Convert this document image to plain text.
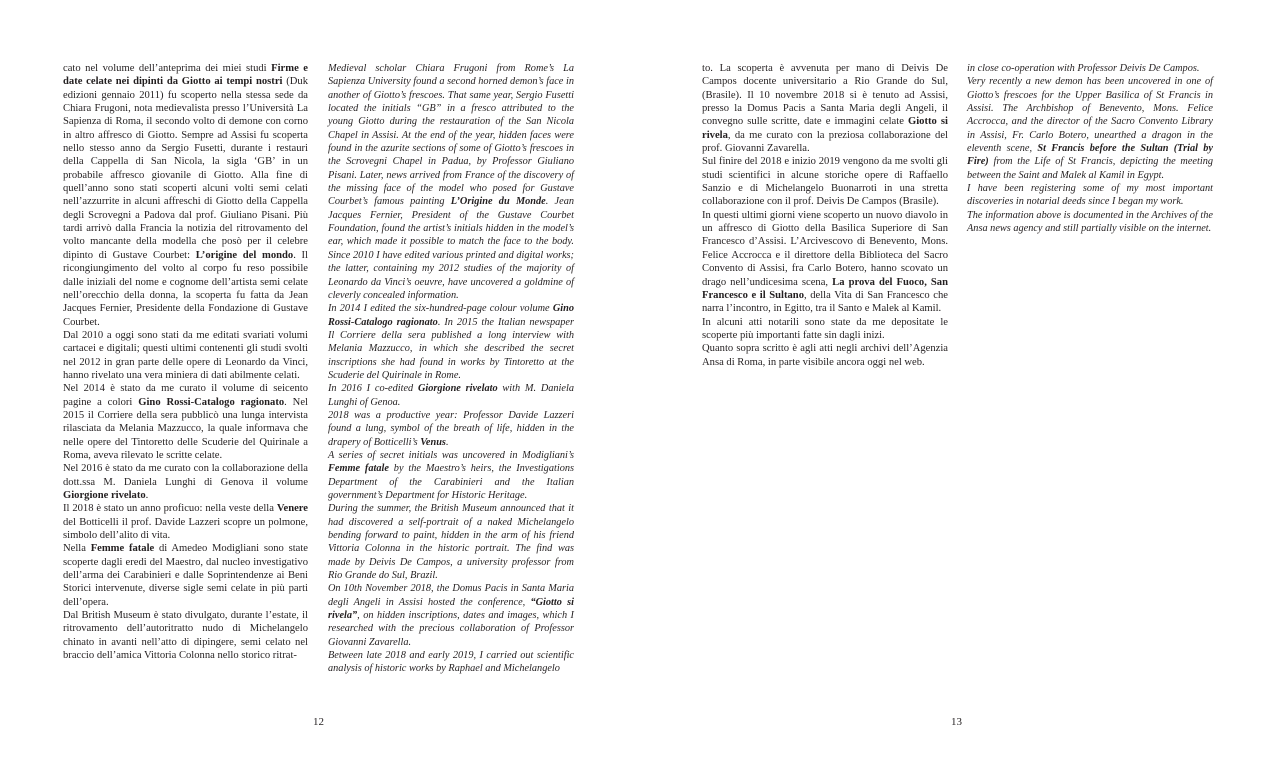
cato nel volume dell’anteprima dei miei studi Firme e date celate nei dipinti da Giotto ai tempi nostri (Duk edizioni gennaio 2011) fu scoperto nella stessa sede da Chiara Frugoni, nota medievalista presso l’Università La Sapienza di Roma, il secondo volto di demone con corno in altro affresco di Giotto. Sempre ad Assisi fu scoperta nello stesso anno da Sergio Fusetti, durante i restauri della Cappella di San Nicola, la sigla ‘GB’ in un probabile affresco giovanile di Giotto. Alla fine di quell’anno sono stati scoperti alcuni volti semi celati nell’azzurrite in alcuni affreschi di Giotto della Cappella degli Scrovegni a Padova dal prof. Giuliano Pisani. Più tardi arrivò dalla Francia la notizia del ritrovamento del volto mancante della modella che posò per il celebre dipinto di Gustave Courbet: L’origine del mondo. Il ricongiungimento del volto al corpo fu reso possibile dalle iniziali del nome e cognome dell’artista semi celate nell’orecchio della donna, la scoperta fu fatta da Jean Jacques Fernier, Presidente della Fondazione di Gustave Courbet.

Dal 2010 a oggi sono stati da me editati svariati volumi cartacei e digitali; questi ultimi contenenti gli studi svolti nel 2012 in gran parte delle opere di Leonardo da Vinci, hanno rivelato una vera miniera di dati abilmente celati.

Nel 2014 è stato da me curato il volume di seicento pagine a colori Gino Rossi-Catalogo ragionato. Nel 2015 il Corriere della sera pubblicò una lunga intervista rilasciata da Melania Mazzucco, la quale informava che nelle opere del Tintoretto delle Scuderie del Quirinale a Roma, aveva rilevato le scritte celate.

Nel 2016 è stato da me curato con la collaborazione della dott.ssa M. Daniela Lunghi di Genova il volume Giorgione rivelato.

Il 2018 è stato un anno proficuo: nella veste della Venere del Botticelli il prof. Davide Lazzeri scopre un polmone, simbolo dell’alito di vita.

Nella Femme fatale di Amedeo Modigliani sono state scoperte dagli eredi del Maestro, dal nucleo investigativo dell’arma dei Carabinieri e dalle Soprintendenze ai Beni Storici intervenute, diverse sigle semi celate in più parti dell’opera.

Dal British Museum è stato divulgato, durante l’estate, il ritrovamento dell’autoritratto nudo di Michelangelo chinato in avanti nell’atto di dipingere, semi celato nel braccio dell’amica Vittoria Colonna nello storico ritrat-

Medieval scholar Chiara Frugoni from Rome’s La Sapienza University found a second horned demon’s face in another of Giotto’s frescoes. That same year, Sergio Fusetti located the initials “GB” in a fresco attributed to the young Giotto during the restauration of the San Nicola Chapel in Assisi. At the end of the year, hidden faces were found in the azurite sections of some of Giotto’s frescoes in the Scrovegni Chapel in Padua, by Professor Giuliano Pisani. Later, news arrived from France of the discovery of the missing face of the model who posed for Gustave Courbet’s famous painting L’Origine du Monde. Jean Jacques Fernier, President of the Gustave Courbet Foundation, found the artist’s initials hidden in the model’s ear, which made it possible to match the face to the body. Since 2010 I have edited various printed and digital works; the latter, containing my 2012 studies of the majority of Leonardo da Vinci’s oeuvre, have uncovered a goldmine of cleverly concealed information.

In 2014 I edited the six-hundred-page colour volume Gino Rossi-Catalogo ragionato. In 2015 the Italian newspaper Il Corriere della sera published a long interview with Melania Mazzucco, in which she described the secret inscriptions she had found in works by Tintoretto at the Scuderie del Quirinale in Rome.

In 2016 I co-edited Giorgione rivelato with M. Daniela Lunghi of Genoa.

2018 was a productive year: Professor Davide Lazzeri found a lung, symbol of the breath of life, hidden in the drapery of Botticelli’s Venus.

A series of secret initials was uncovered in Modigliani’s Femme fatale by the Maestro’s heirs, the Investigations Department of the Carabinieri and the Italian government’s Department for Historic Heritage.

During the summer, the British Museum announced that it had discovered a self-portrait of a naked Michelangelo bending forward to paint, hidden in the arm of his friend Vittoria Colonna in the historic portrait. The find was made by Deivis De Campos, a university professor from Rio Grande do Sul, Brazil.

On 10th November 2018, the Domus Pacis in Santa Maria degli Angeli in Assisi hosted the conference, “Giotto si rivela”, on hidden inscriptions, dates and images, which I researched with the precious collaboration of Professor Giovanni Zavarella.

Between late 2018 and early 2019, I carried out scientific analysis of historic works by Raphael and Michelangelo

to. La scoperta è avvenuta per mano di Deivis De Campos docente universitario a Rio Grande do Sul, (Brasile). Il 10 novembre 2018 si è tenuto ad Assisi, presso la Domus Pacis a Santa Maria degli Angeli, il convegno sulle scritte, date e immagini celate Giotto si rivela, da me curato con la preziosa collaborazione del prof. Giovanni Zavarella.

Sul finire del 2018 e inizio 2019 vengono da me svolti gli studi scientifici in alcune storiche opere di Raffaello Sanzio e di Michelangelo Buonarroti in una stretta collaborazione con il prof. Deivis De Campos (Brasile).

In questi ultimi giorni viene scoperto un nuovo diavolo in un affresco di Giotto della Basilica Superiore di San Francesco d’Assisi. L’Arcivescovo di Benevento, Mons. Felice Accrocca e il direttore della Biblioteca del Sacro Convento di Assisi, fra Carlo Botero, hanno scovato un drago nell’undicesima scena, La prova del Fuoco, San Francesco e il Sultano, della Vita di San Francesco che narra l’incontro, in Egitto, tra il Santo e Malek al Kamil.

In alcuni atti notarili sono state da me depositate le scoperte più importanti fatte sin dagli inizi.

Quanto sopra scritto è agli atti negli archivi dell’Agenzia Ansa di Roma, in parte visibile ancora oggi nel web.

in close co-operation with Professor Deivis De Campos.

Very recently a new demon has been uncovered in one of Giotto’s frescoes for the Upper Basilica of St Francis in Assisi. The Archbishop of Benevento, Mons. Felice Accrocca, and the director of the Sacro Convento Library in Assisi, Fr. Carlo Botero, unearthed a dragon in the eleventh scene, St Francis before the Sultan (Trial by Fire) from the Life of St Francis, depicting the meeting between the Saint and Malek al Kamil in Egypt.

I have been registering some of my most important discoveries in notarial deeds since I began my work.

The information above is documented in the Archives of the Ansa news agency and still partially visible on the internet.

12	13
